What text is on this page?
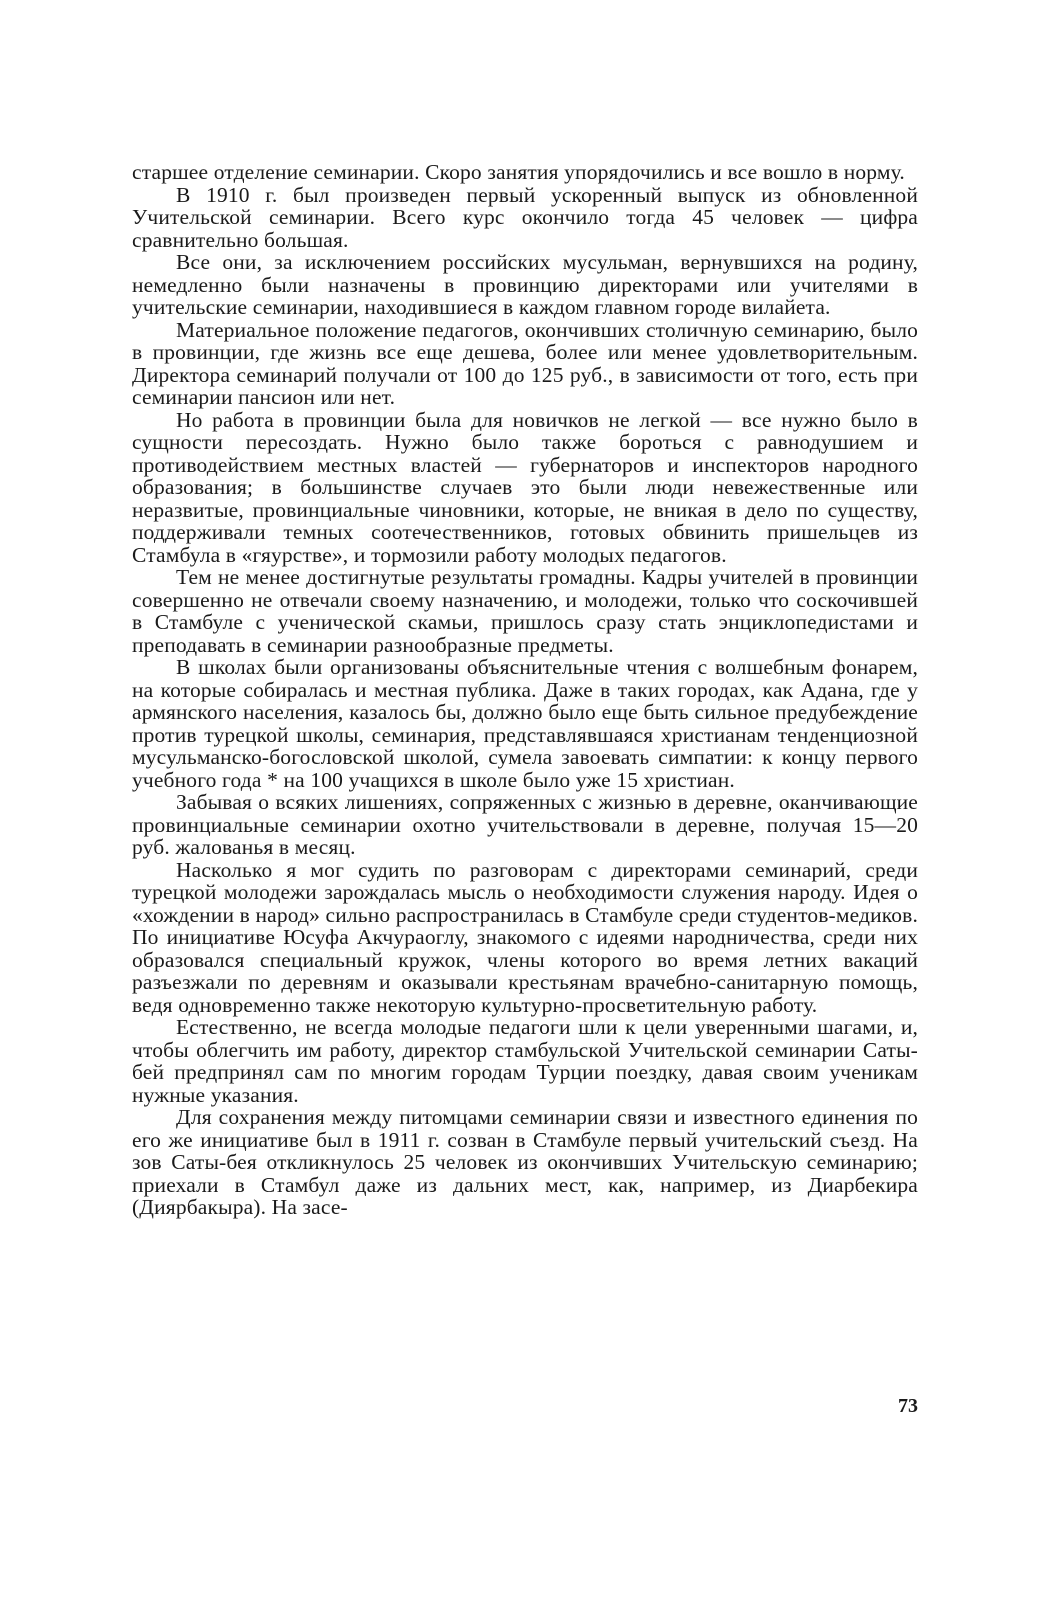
старшее отделение семинарии. Скоро занятия упорядочились и все вошло в норму.

В 1910 г. был произведен первый ускоренный выпуск из обновленной Учительской семинарии. Всего курс окончило тогда 45 человек — цифра сравнительно большая.

Все они, за исключением российских мусульман, вернувшихся на родину, немедленно были назначены в провинцию директорами или учителями в учительские семинарии, находившиеся в каждом главном городе вилайета.

Материальное положение педагогов, окончивших столичную семинарию, было в провинции, где жизнь все еще дешева, более или менее удовлетворительным. Директора семинарий получали от 100 до 125 руб., в зависимости от того, есть при семинарии пансион или нет.

Но работа в провинции была для новичков не легкой — все нужно было в сущности пересоздать. Нужно было также бороться с равнодушием и противодействием местных властей — губернаторов и инспекторов народного образования; в большинстве случаев это были люди невежественные или неразвитые, провинциальные чиновники, которые, не вникая в дело по существу, поддерживали темных соотечественников, готовых обвинить пришельцев из Стамбула в «гяурстве», и тормозили работу молодых педагогов.

Тем не менее достигнутые результаты громадны. Кадры учителей в провинции совершенно не отвечали своему назначению, и молодежи, только что соскочившей в Стамбуле с ученической скамьи, пришлось сразу стать энциклопедистами и преподавать в семинарии разнообразные предметы.

В школах были организованы объяснительные чтения с волшебным фонарем, на которые собиралась и местная публика. Даже в таких городах, как Адана, где у армянского населения, казалось бы, должно было еще быть сильное предубеждение против турецкой школы, семинария, представлявшаяся христианам тенденциозной мусульманско-богословской школой, сумела завоевать симпатии: к концу первого учебного года * на 100 учащихся в школе было уже 15 христиан.

Забывая о всяких лишениях, сопряженных с жизнью в деревне, оканчивающие провинциальные семинарии охотно учительствовали в деревне, получая 15—20 руб. жалованья в месяц.

Насколько я мог судить по разговорам с директорами семинарий, среди турецкой молодежи зарождалась мысль о необходимости служения народу. Идея о «хождении в народ» сильно распространилась в Стамбуле среди студентов-медиков. По инициативе Юсуфа Акчураоглу, знакомого с идеями народничества, среди них образовался специальный кружок, члены которого во время летних вакаций разъезжали по деревням и оказывали крестьянам врачебно-санитарную помощь, ведя одновременно также некоторую культурно-просветительную работу.

Естественно, не всегда молодые педагоги шли к цели уверенными шагами, и, чтобы облегчить им работу, директор стамбульской Учительской семинарии Саты-бей предпринял сам по многим городам Турции поездку, давая своим ученикам нужные указания.

Для сохранения между питомцами семинарии связи и известного единения по его же инициативе был в 1911 г. созван в Стамбуле первый учительский съезд. На зов Саты-бея откликнулось 25 человек из окончивших Учительскую семинарию; приехали в Стамбул даже из дальних мест, как, например, из Диарбекира (Диярбакыра). На засе-

73
